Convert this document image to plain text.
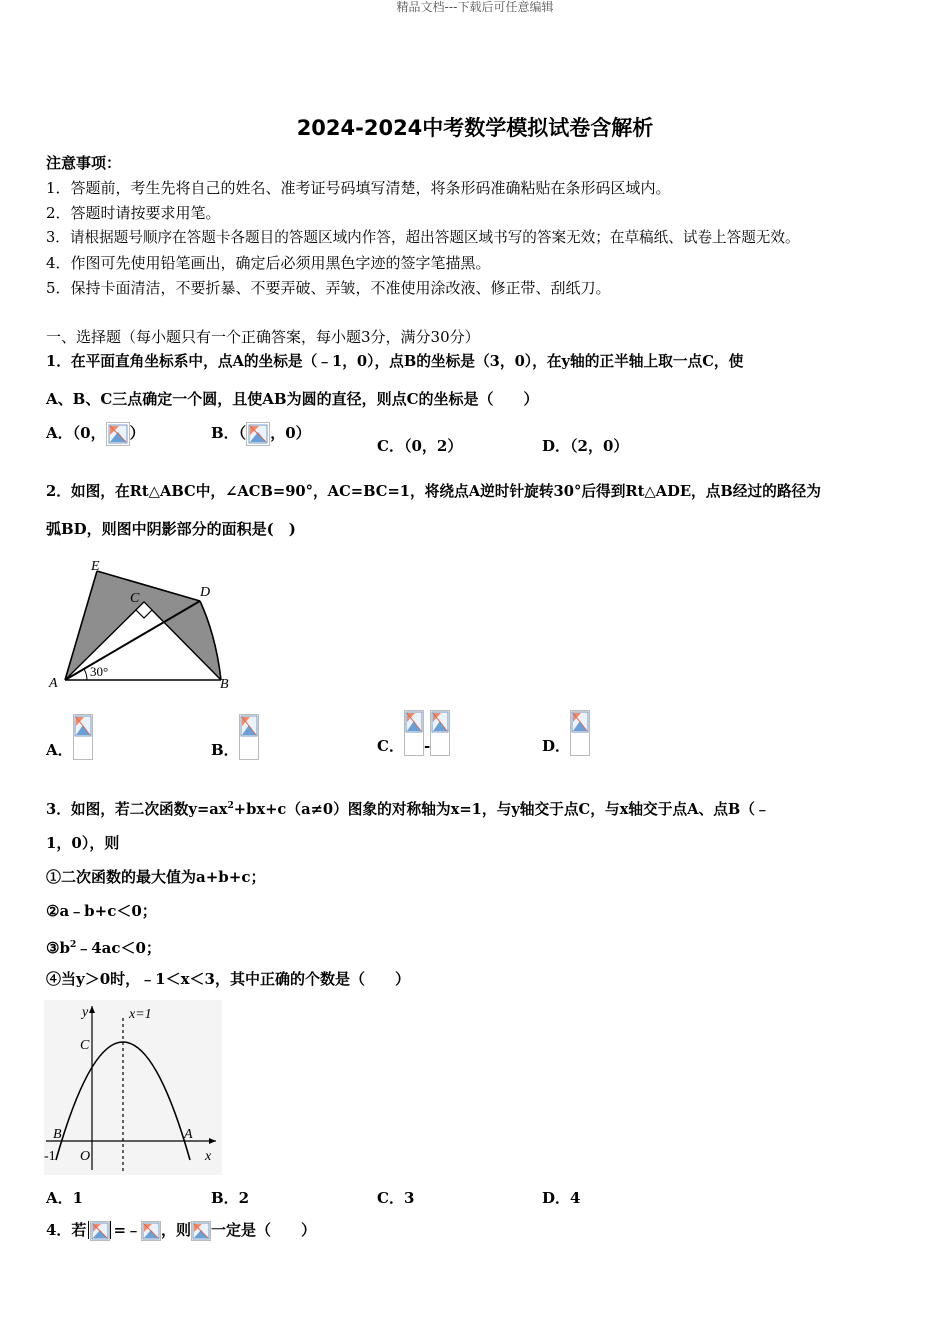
精品文档---下载后可任意编辑
2024-2024中考数学模拟试卷含解析
注意事项：
1．答题前，考生先将自己的姓名、准考证号码填写清楚，将条形码准确粘贴在条形码区域内。
2．答题时请按要求用笔。
3．请根据题号顺序在答题卡各题目的答题区域内作答，超出答题区域书写的答案无效；在草稿纸、试卷上答题无效。
4．作图可先使用铅笔画出，确定后必须用黑色字迹的签字笔描黑。
5．保持卡面清洁，不要折暴、不要弄破、弄皱，不准使用涂改液、修正带、刮纸刀。
一、选择题（每小题只有一个正确答案，每小题3分，满分30分）
1．在平面直角坐标系中，点A的坐标是（﹣1，0），点B的坐标是（3，0），在y轴的正半轴上取一点C，使
A、B、C三点确定一个圆，且使AB为圆的直径，则点C的坐标是（　　）
A．（0， ）	B．（ ，0）
C．（0，2）	D．（2，0）
2．如图，在Rt△ABC中，∠ACB=90°，AC=BC=1，将绕点A逆时针旋转30°后得到Rt△ADE，点B经过的路径为
弧BD，则图中阴影部分的面积是(　)
E
C	D
A	B
30°
A．	B．	C． -	D．
3．如图，若二次函数$y=ax^2+bx+c(a\ne 0)$图象的对称轴为x=1，与y轴交于点C，与x轴交于点A、点B（﹣
1，0），则
①二次函数的最大值为a+b+c；
②a﹣b+c＜0；
$③b^2﹣4ac<0$；
④当y＞0时，﹣1＜x＜3，其中正确的个数是（　　）
y	x=1
C
B	A
-1 O	x
A．1	B．2	C．3	D．4
4．若 =﹣ ，则 一定是（　　）
